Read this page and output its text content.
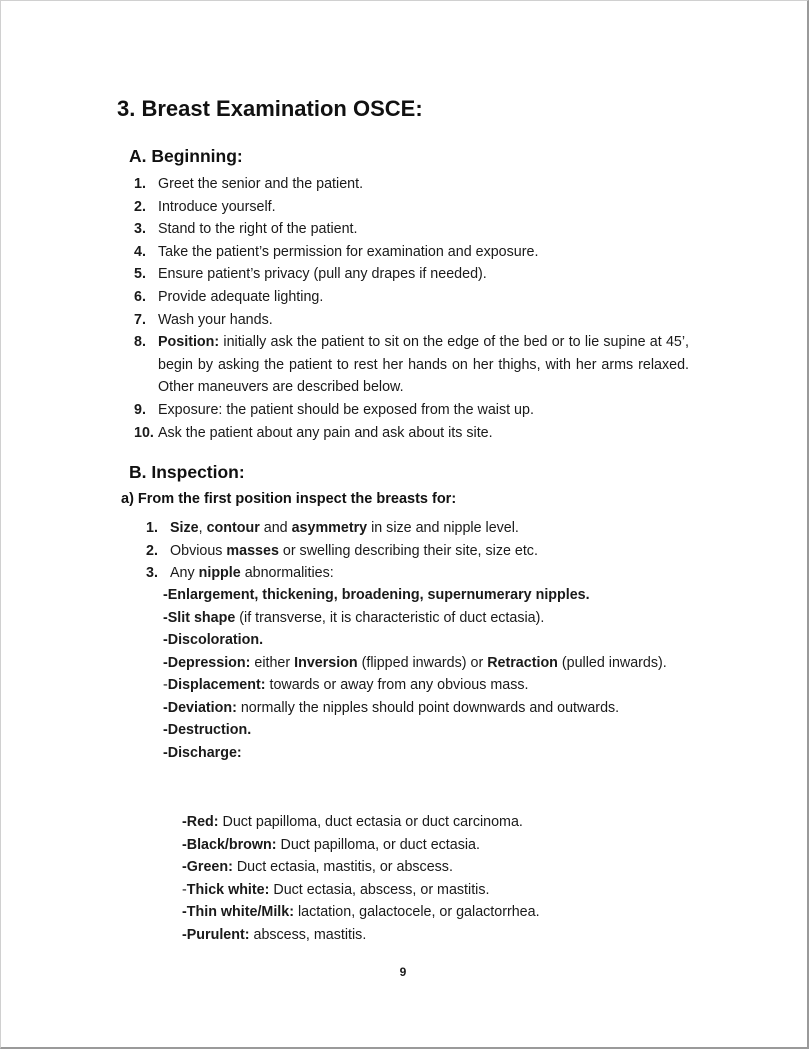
3. Breast Examination OSCE:
A. Beginning:
1. Greet the senior and the patient.
2. Introduce yourself.
3. Stand to the right of the patient.
4. Take the patient’s permission for examination and exposure.
5. Ensure patient’s privacy (pull any drapes if needed).
6. Provide adequate lighting.
7. Wash your hands.
8. Position: initially ask the patient to sit on the edge of the bed or to lie supine at 45’, begin by asking the patient to rest her hands on her thighs, with her arms relaxed. Other maneuvers are described below.
9. Exposure: the patient should be exposed from the waist up.
10. Ask the patient about any pain and ask about its site.
B. Inspection:
a) From the first position inspect the breasts for:
1. Size, contour and asymmetry in size and nipple level.
2. Obvious masses or swelling describing their site, size etc.
3. Any nipple abnormalities:
-Enlargement, thickening, broadening, supernumerary nipples.
-Slit shape (if transverse, it is characteristic of duct ectasia).
-Discoloration.
-Depression: either Inversion (flipped inwards) or Retraction (pulled inwards).
-Displacement: towards or away from any obvious mass.
-Deviation: normally the nipples should point downwards and outwards.
-Destruction.
-Discharge:
-Red: Duct papilloma, duct ectasia or duct carcinoma.
-Black/brown: Duct papilloma, or duct ectasia.
-Green: Duct ectasia, mastitis, or abscess.
-Thick white: Duct ectasia, abscess, or mastitis.
-Thin white/Milk: lactation, galactocele, or galactorrhea.
-Purulent: abscess, mastitis.
9
